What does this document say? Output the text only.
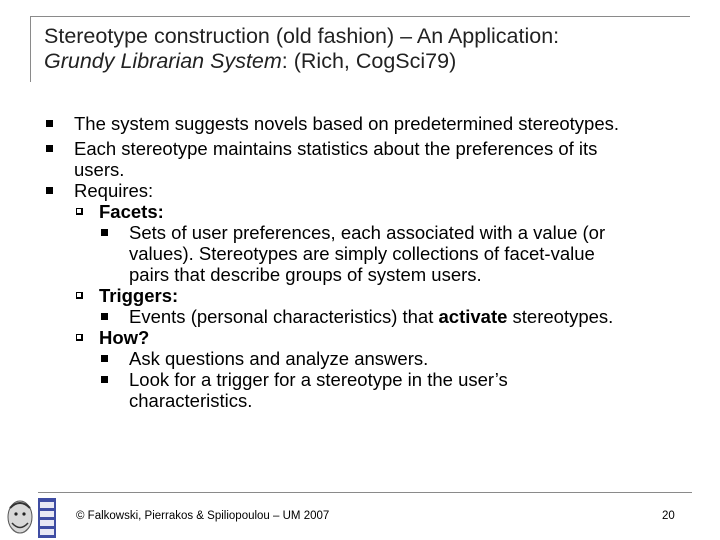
Stereotype construction (old fashion) – An Application:
Grundy Librarian System: (Rich, CogSci79)
The system suggests novels based on predetermined stereotypes.
Each stereotype maintains statistics about the preferences of its
users.
Requires:
Facets:
Sets of user preferences, each associated with a value (or
values). Stereotypes are simply collections of facet-value
pairs that describe groups of system users.
Triggers:
Events (personal characteristics) that activate stereotypes.
How?
Ask questions and analyze answers.
Look for a trigger for a stereotype in the user’s
characteristics.
© Falkowski, Pierrakos & Spiliopoulou – UM 2007	20
